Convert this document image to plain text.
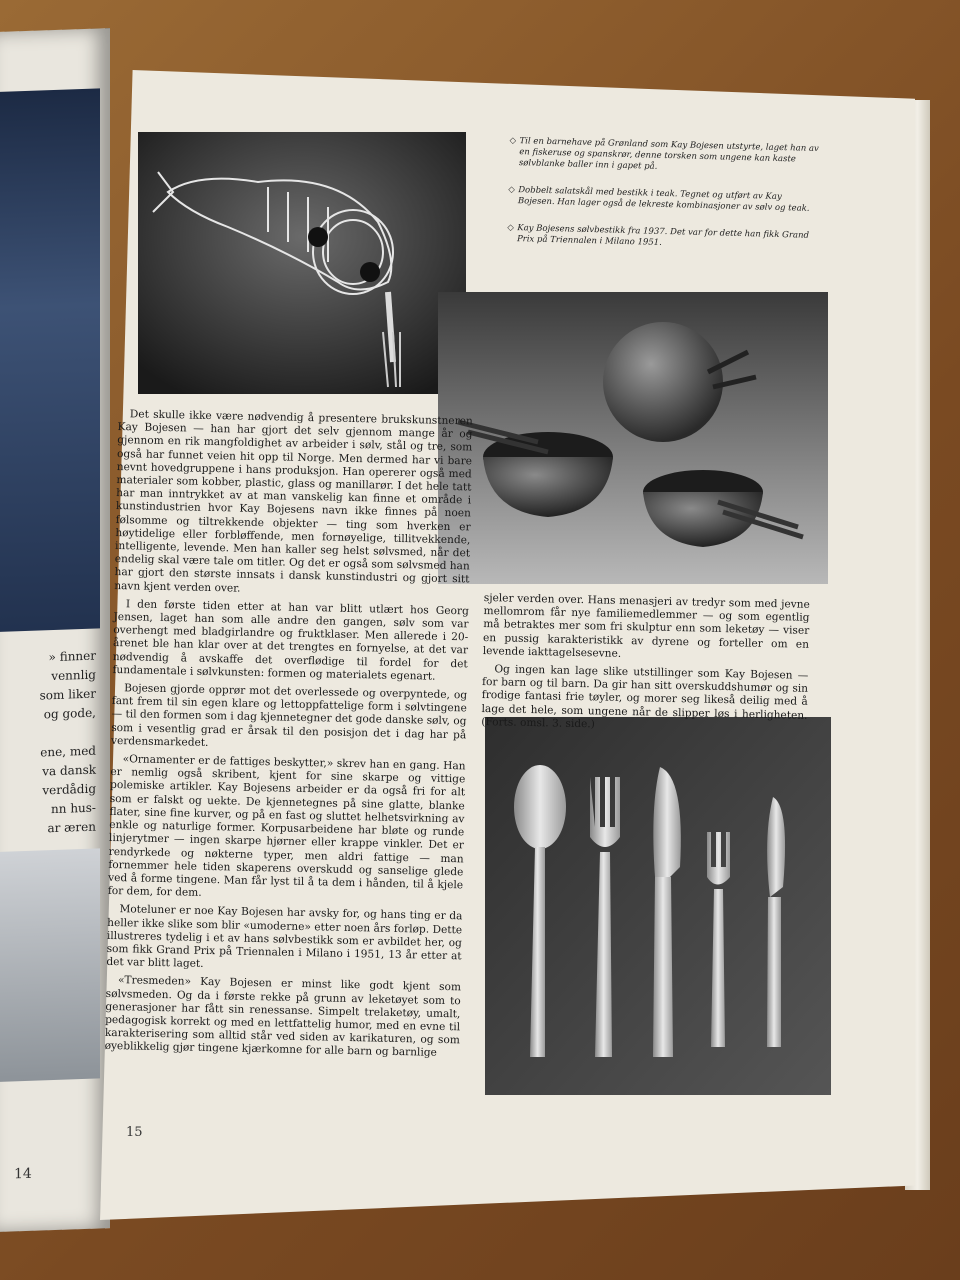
» finner
vennlig
som liker
og gode,

ene, med
va dansk
verdådig
nn hus-
ar æren
14
◇ Til en barnehave på Grønland som Kay Bojesen utstyrte, laget han av en fiskeruse og spanskrør, denne torsken som ungene kan kaste sølvblanke baller inn i gapet på.
◇ Dobbelt salatskål med bestikk i teak. Tegnet og utført av Kay Bojesen. Han lager også de lekreste kombinasjoner av sølv og teak.
◇ Kay Bojesens sølvbestikk fra 1937. Det var for dette han fikk Grand Prix på Triennalen i Milano 1951.

Det skulle ikke være nødvendig å presentere brukskunstneren Kay Bojesen — han har gjort det selv gjennom mange år og gjennom en rik mangfoldighet av arbeider i sølv, stål og tre, som også har funnet veien hit opp til Norge. Men dermed har vi bare nevnt hovedgruppene i hans produksjon. Han opererer også med materialer som kobber, plastic, glass og manillarør. I det hele tatt har man inntrykket av at man vanskelig kan finne et område i kunstindustrien hvor Kay Bojesens navn ikke finnes på noen følsomme og tiltrekkende objekter — ting som hverken er høytidelige eller forbløffende, men fornøyelige, tillitvekkende, intelligente, levende. Men han kaller seg helst sølvsmed, når det endelig skal være tale om titler. Og det er også som sølvsmed han har gjort den største innsats i dansk kunstindustri og gjort sitt navn kjent verden over.

I den første tiden etter at han var blitt utlært hos Georg Jensen, laget han som alle andre den gangen, sølv som var overhengt med bladgirlandre og fruktklaser. Men allerede i 20-årenet ble han klar over at det trengtes en fornyelse, at det var nødvendig å avskaffe det overflødige til fordel for det fundamentale i sølvkunsten: formen og materialets egenart.

Bojesen gjorde opprør mot det overlessede og overpyntede, og fant frem til sin egen klare og lettoppfattelige form i sølvtingene — til den formen som i dag kjennetegner det gode danske sølv, og som i vesentlig grad er årsak til den posisjon det i dag har på verdensmarkedet.

«Ornamenter er de fattiges beskytter,» skrev han en gang. Han er nemlig også skribent, kjent for sine skarpe og vittige polemiske artikler. Kay Bojesens arbeider er da også fri for alt som er falskt og uekte. De kjennetegnes på sine glatte, blanke flater, sine fine kurver, og på en fast og sluttet helhetsvirkning av enkle og naturlige former. Korpusarbeidene har bløte og runde linjerytmer — ingen skarpe hjørner eller krappe vinkler. Det er rendyrkede og nøkterne typer, men aldri fattige — man fornemmer hele tiden skaperens overskudd og sanselige glede ved å forme tingene. Man får lyst til å ta dem i hånden, til å kjele for dem, for dem.

Moteluner er noe Kay Bojesen har avsky for, og hans ting er da heller ikke slike som blir «umoderne» etter noen års forløp. Dette illustreres tydelig i et av hans sølvbestikk som er avbildet her, og som fikk Grand Prix på Triennalen i Milano i 1951, 13 år etter at det var blitt laget.

«Tresmeden» Kay Bojesen er minst like godt kjent som sølvsmeden. Og da i første rekke på grunn av leketøyet som to generasjoner har fått sin renessanse. Simpelt trelaketøy, umalt, pedagogisk korrekt og med en lettfattelig humor, med en evne til karakterisering som alltid står ved siden av karikaturen, og som øyeblikkelig gjør tingene kjærkomne for alle barn og barnlige

sjeler verden over. Hans menasjeri av tredyr som med jevne mellomrom får nye familiemedlemmer — og som egentlig må betraktes mer som fri skulptur enn som leketøy — viser en pussig karakteristikk av dyrene og forteller om en levende iakttagelsesevne.

Og ingen kan lage slike utstillinger som Kay Bojesen — for barn og til barn. Da gir han sitt overskuddshumør og sin frodige fantasi frie tøyler, og morer seg likeså deilig med å lage det hele, som ungene når de slipper løs i herligheten. (Forts. omsl. 3. side.)

15
